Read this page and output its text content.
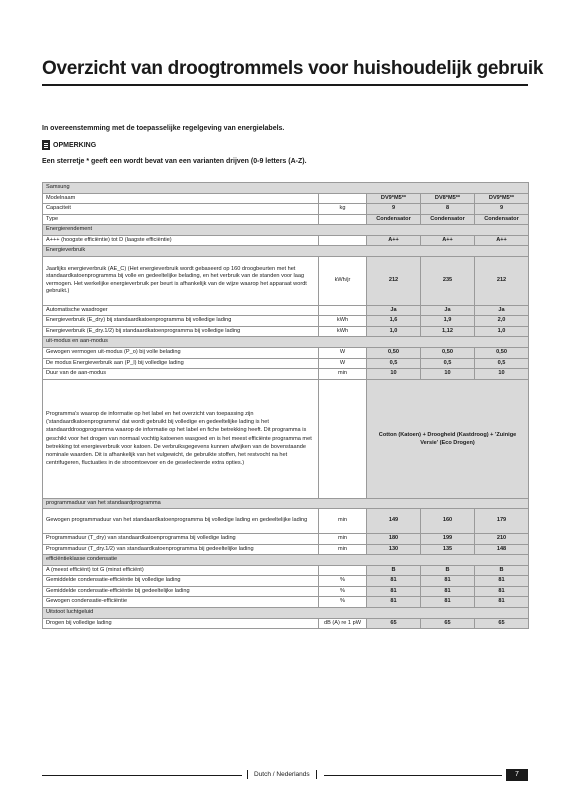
Overzicht van droogtrommels voor huishoudelijk gebruik
In overeenstemming met de toepasselijke regelgeving van energielabels.
OPMERKING
Een sterretje * geeft een wordt bevat van een varianten drijven (0-9 letters (A-Z).
Samsung				
Modelnaam		DV9*M5**	DV8*M5**	DV9*M5**
Capaciteit	kg	9	8	9
Type		Condensator	Condensator	Condensator
Energierendement				
A+++ (hoogste efficiëntie) tot D (laagste efficiëntie)		A++	A++	A++
Energieverbruik				
Jaarlijks energieverbruik (AE_C) (Het energieverbruik wordt gebaseerd op 160 droogbeurten met het standaardkatoenprogramma bij volle en gedeeltelijke belading, en het verbruik van de standen voor laag vermogen. Het werkelijke energieverbruik per beurt is afhankelijk van de wijze waarop het apparaat wordt gebruikt.)	kWh/jr	212	235	212
Automatische wasdroger		Ja	Ja	Ja
Energieverbruik (E_dry) bij standaardkatoenprogramma bij volledige lading	kWh	1,6	1,9	2,0
Energieverbruik (E_dry.1/2) bij standaardkatoenprogramma bij volledige lading	kWh	1,0	1,12	1,0
uit-modus en aan-modus				
Gewogen vermogen uit-modus (P_o) bij volle belading	W	0,50	0,50	0,50
De modus Energieverbruik aan (P_l) bij volledige lading	W	0,5	0,5	0,5
Duur van de aan-modus	min	10	10	10
Programma's waarop de informatie op het label en het overzicht van toepassing zijn ('standaardkatoenprogramma' dat wordt gebruikt bij volledige en gedeeltelijke lading is het standaarddroogprogramma waarop de informatie op het label en fiche betrekking heeft. Dit programma is geschikt voor het drogen van normaal vochtig katoenen wasgoed en is het meest efficiënte programma met betrekking tot energieverbruik voor katoen. De verbruiksgegevens kunnen afwijken van de bovenstaande nominale waarden. Dit is afhankelijk van het vulgewicht, de gebruikte stoffen, het restvocht na het centrifugeren, fluctuaties in de stroomtoevoer en de geselecteerde extra opties.)		Cotton (Katoen) + Droogheid (Kastdroog) + 'Zuinige Versie' (Eco Drogen)		
programmaduur van het standaardprogramma				
Gewogen programmaduur van het standaardkatoenprogramma bij volledige lading en gedeeltelijke lading	min	149	160	179
Programmaduur (T_dry) van standaardkatoenprogramma bij volledige lading	min	180	199	210
Programmaduur (T_dry.1/2) van standaardkatoenprogramma bij gedeeltelijke lading	min	130	135	148
efficiëntieklasse condensatie				
A (meest efficiënt) tot G (minst efficiënt)		B	B	B
Gemiddelde condensatie-efficiëntie bij volledige lading	%	81	81	81
Gemiddelde condensatie-efficiëntie bij gedeeltelijke lading	%	81	81	81
Gewogen condensatie-efficiëntie	%	81	81	81
Uitstoot luchtgeluid				
Drogen bij volledige lading	dB (A) re 1 pW	65	65	65
Dutch / Nederlands	7
